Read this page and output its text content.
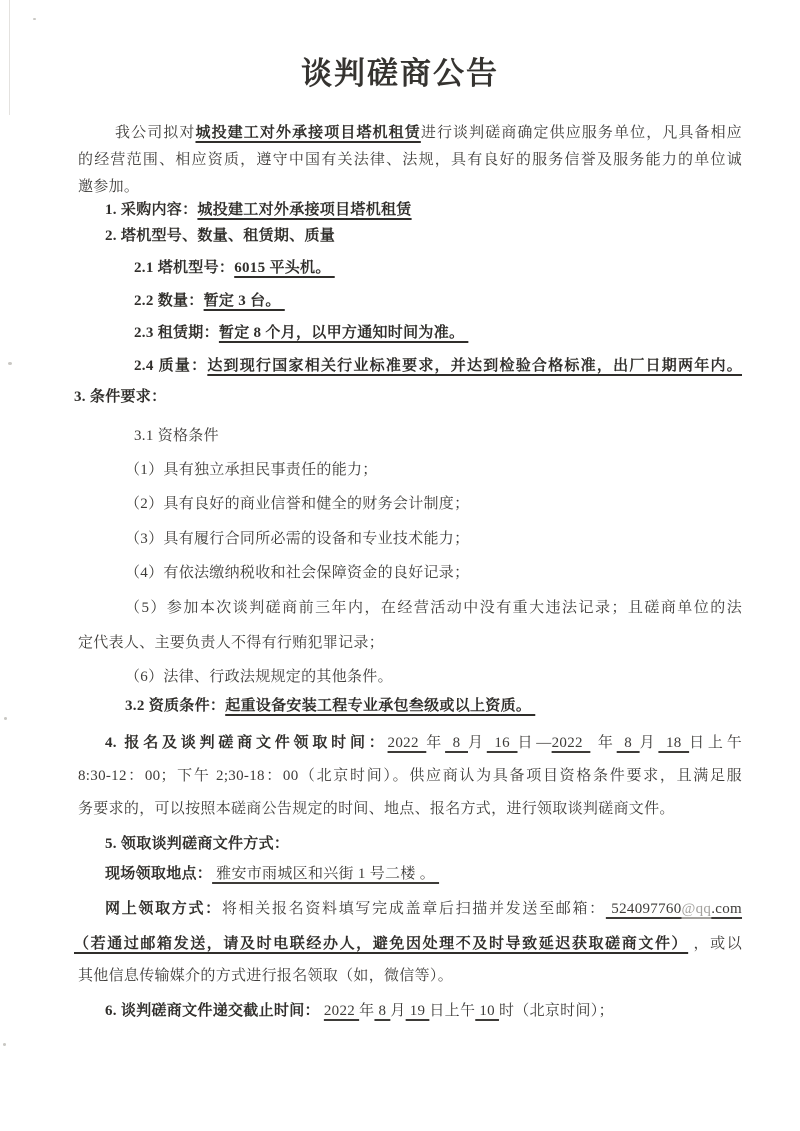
谈判磋商公告

我公司拟对城投建工对外承接项目塔机租赁进行谈判磋商确定供应服务单位，凡具备相应

的经营范围、相应资质，遵守中国有关法律、法规，具有良好的服务信誉及服务能力的单位诚

邀参加。

1. 采购内容：城投建工对外承接项目塔机租赁

2. 塔机型号、数量、租赁期、质量

2.1 塔机型号：6015 平头机。

2.2 数量：暂定 3 台。

2.3 租赁期：暂定 8 个月，以甲方通知时间为准。

2.4 质量：达到现行国家相关行业标准要求，并达到检验合格标准，出厂日期两年内。

3. 条件要求：

3.1 资格条件

（1）具有独立承担民事责任的能力；

（2）具有良好的商业信誉和健全的财务会计制度；

（3）具有履行合同所必需的设备和专业技术能力；

（4）有依法缴纳税收和社会保障资金的良好记录；

（5）参加本次谈判磋商前三年内，在经营活动中没有重大违法记录；且磋商单位的法

定代表人、主要负责人不得有行贿犯罪记录；

（6）法律、行政法规规定的其他条件。

3.2 资质条件：起重设备安装工程专业承包叁级或以上资质。

4. 报名及谈判磋商文件领取时间：2022 年 8 月 16 日—2022  年 8 月 18 日上午

8:30-12：00；下午 2;30-18：00（北京时间）。供应商认为具备项目资格条件要求，且满足服

务要求的，可以按照本磋商公告规定的时间、地点、报名方式，进行领取谈判磋商文件。

5. 领取谈判磋商文件方式：

现场领取地点： 雅安市雨城区和兴街 1 号二楼 。

网上领取方式：将相关报名资料填写完成盖章后扫描并发送至邮箱： 524097760@qq.com

（若通过邮箱发送，请及时电联经办人，避免因处理不及时导致延迟获取磋商文件） ，或以

其他信息传输媒介的方式进行报名领取（如，微信等）。

6. 谈判磋商文件递交截止时间： 2022 年 8 月 19 日上午 10 时（北京时间）；
